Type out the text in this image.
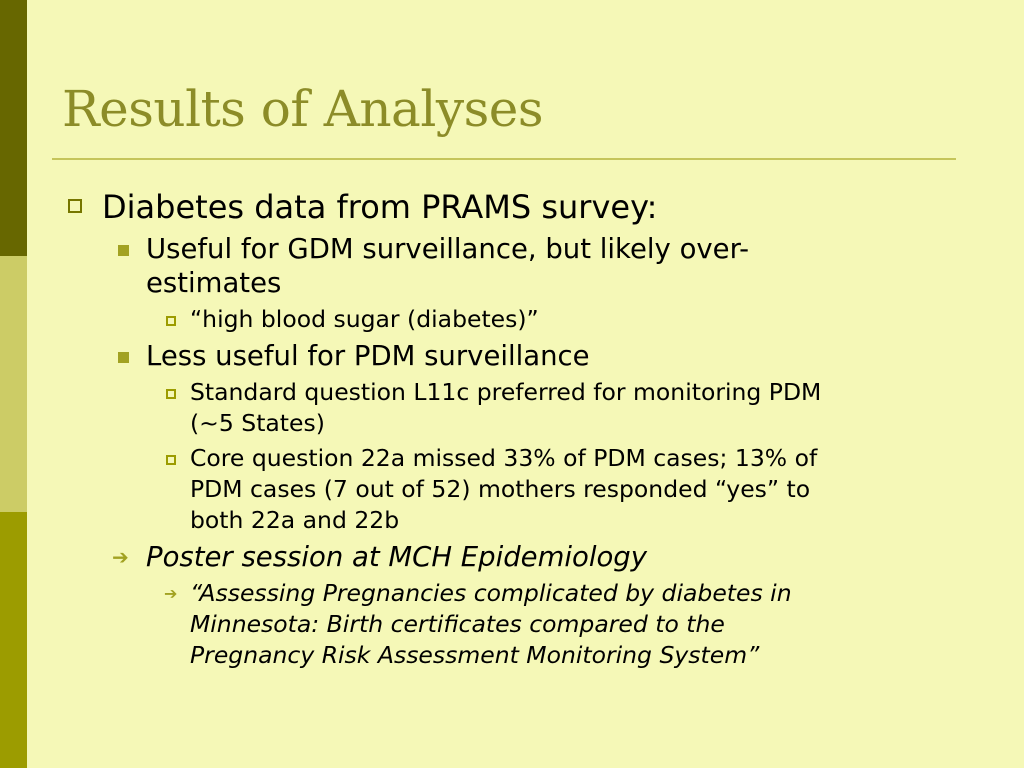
Results of Analyses
Diabetes data from PRAMS survey:
Useful for GDM surveillance, but likely over-
estimates
“high blood sugar (diabetes)”
Less useful for PDM surveillance
Standard question L11c preferred for monitoring PDM
(~5 States)
Core question 22a missed 33% of PDM cases; 13% of
PDM cases (7 out of 52) mothers responded “yes” to
both 22a and 22b
➔ Poster session at MCH Epidemiology
➔ “Assessing Pregnancies complicated by diabetes in
Minnesota: Birth certificates compared to the
Pregnancy Risk Assessment Monitoring System”
